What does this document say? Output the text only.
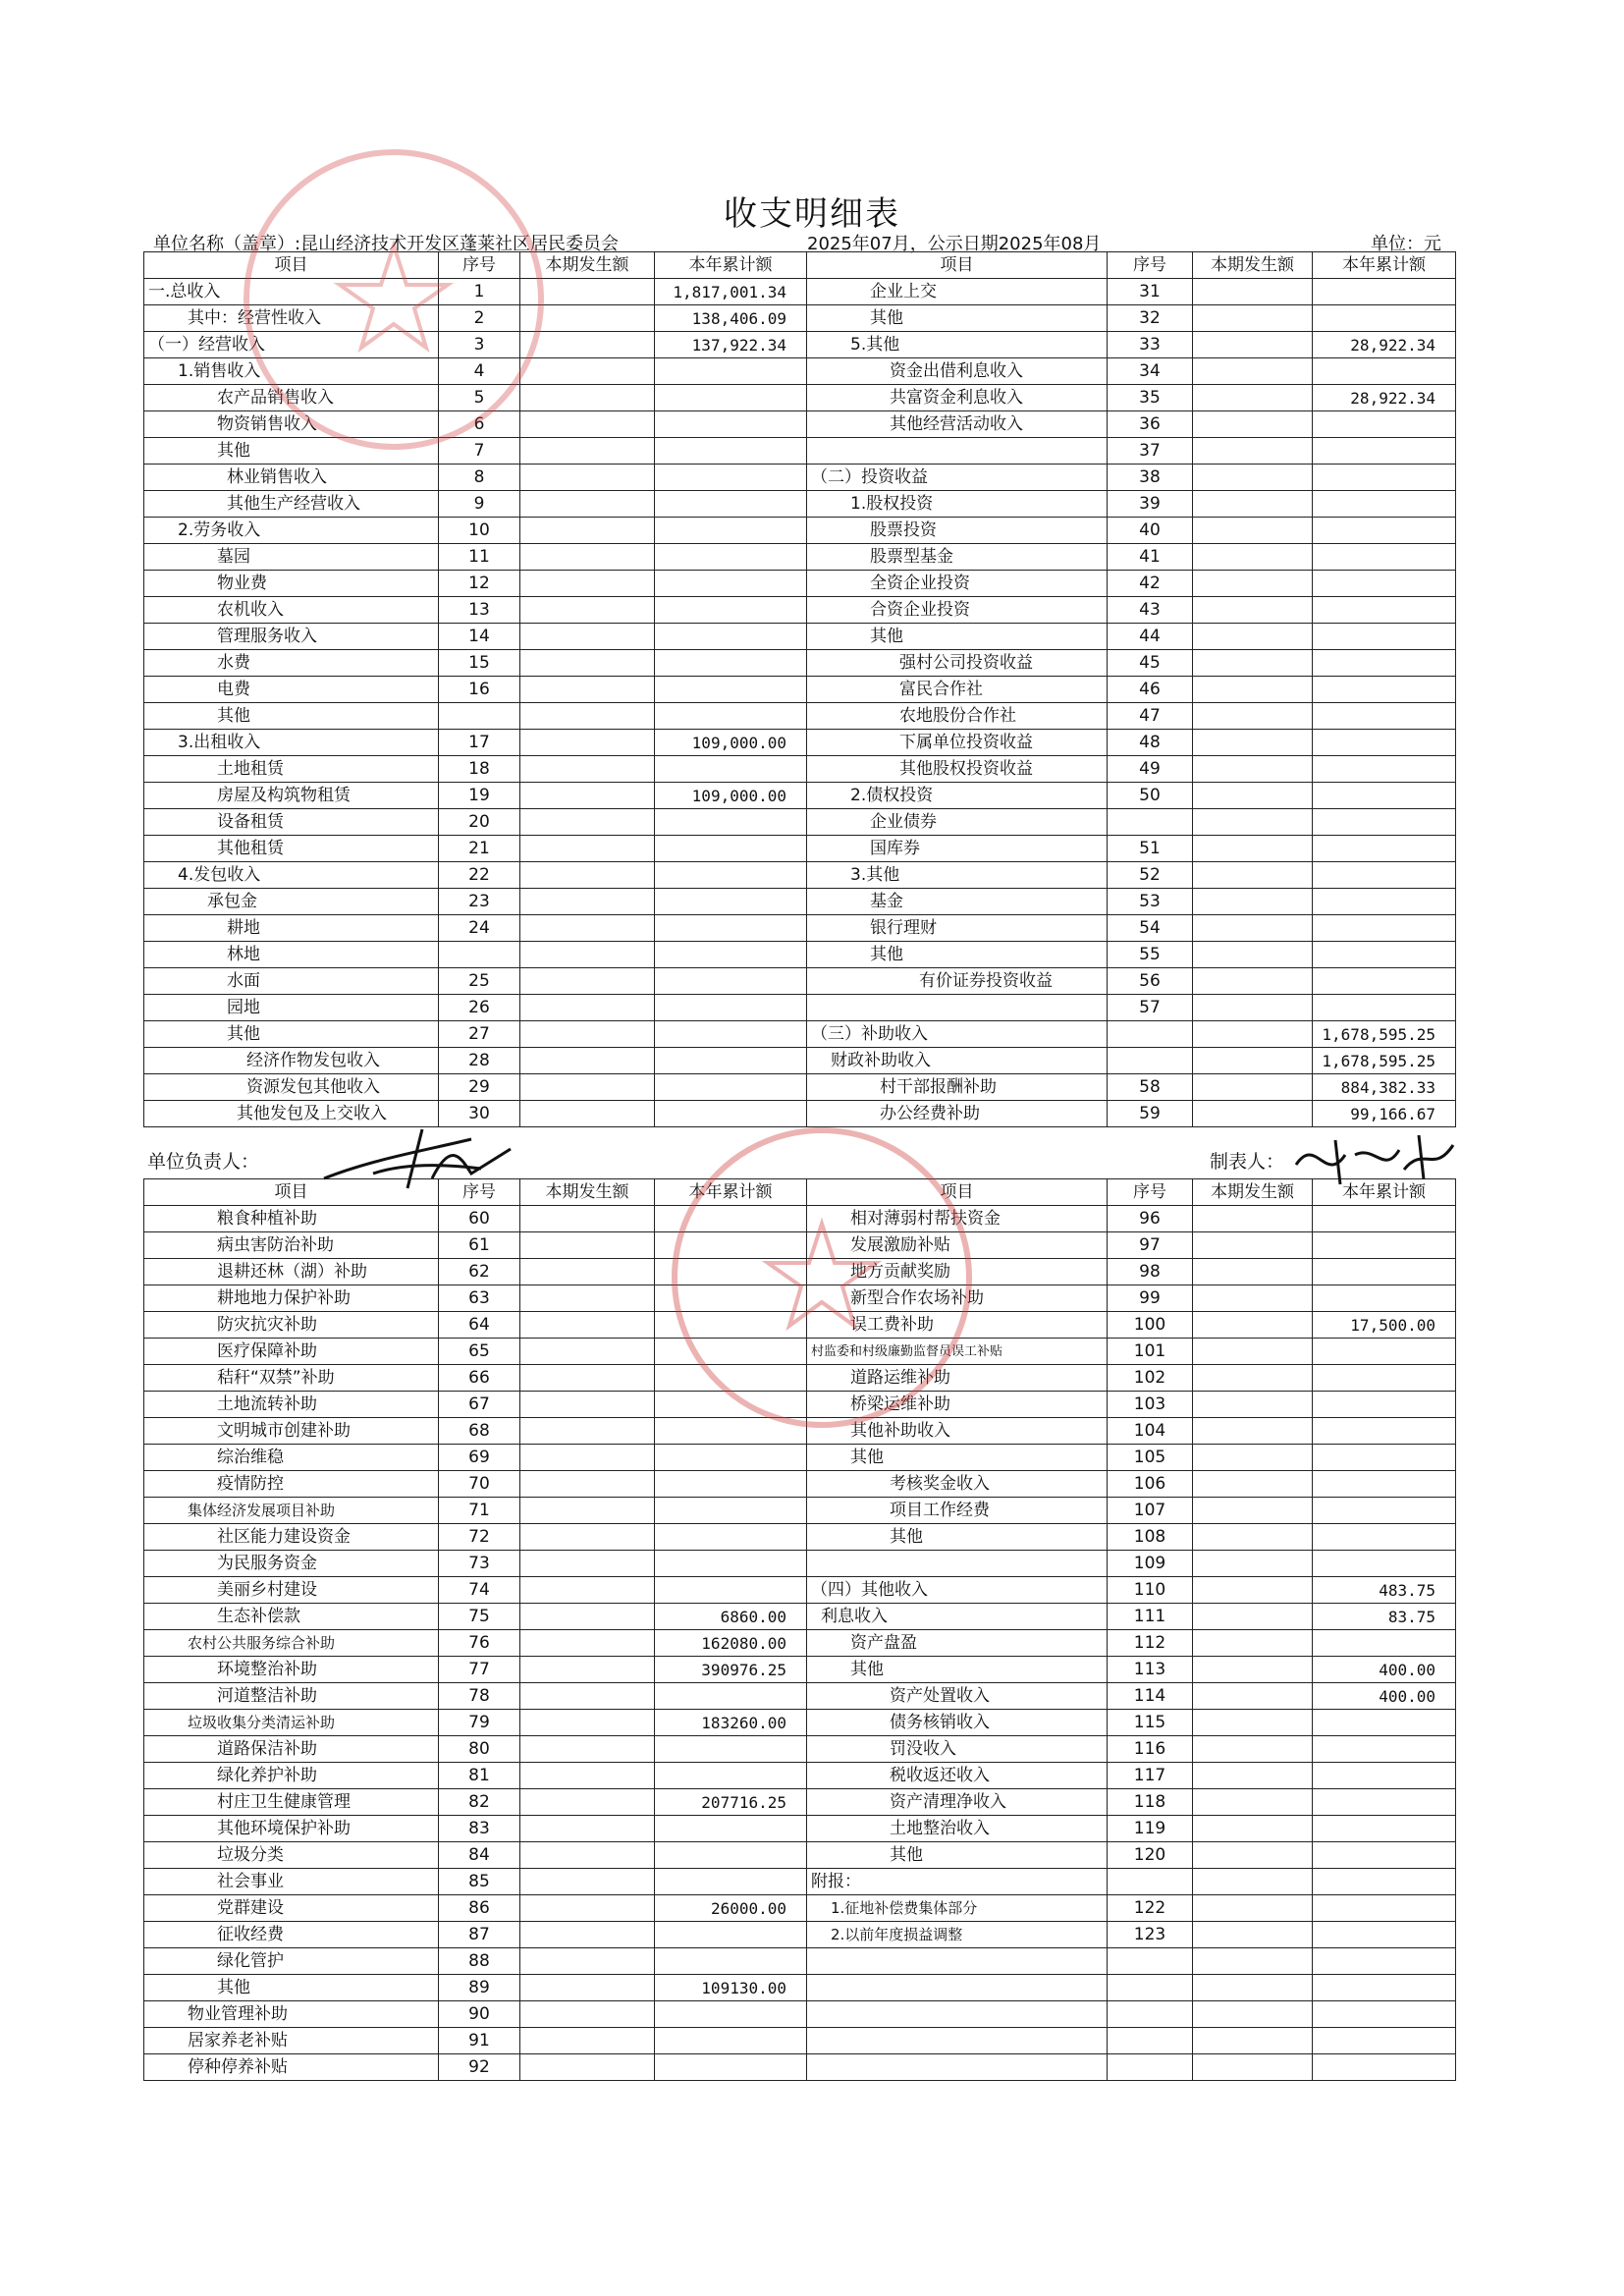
收支明细表
单位名称（盖章）:昆山经济技术开发区蓬莱社区居民委员会	2025年07月，公示日期2025年08月	单位：元
项目	序号	本期发生额	本年累计额	项目	序号	本期发生额	本年累计额
一.总收入	1		1,817,001.34	企业上交	31		
其中：经营性收入	2		138,406.09	其他	32		
（一）经营收入	3		137,922.34	5.其他	33		28,922.34
1.销售收入	4			资金出借利息收入	34		
农产品销售收入	5			共富资金利息收入	35		28,922.34
物资销售收入	6			其他经营活动收入	36		
其他	7				37		
林业销售收入	8			（二）投资收益	38		
其他生产经营收入	9			1.股权投资	39		
2.劳务收入	10			股票投资	40		
墓园	11			股票型基金	41		
物业费	12			全资企业投资	42		
农机收入	13			合资企业投资	43		
管理服务收入	14			其他	44		
水费	15			强村公司投资收益	45		
电费	16			富民合作社	46		
其他				农地股份合作社	47		
3.出租收入	17		109,000.00	下属单位投资收益	48		
土地租赁	18			其他股权投资收益	49		
房屋及构筑物租赁	19		109,000.00	2.债权投资	50		
设备租赁	20			企业债券			
其他租赁	21			国库券	51		
4.发包收入	22			3.其他	52		
承包金	23			基金	53		
耕地	24			银行理财	54		
林地				其他	55		
水面	25			有价证券投资收益	56		
园地	26				57		
其他	27			（三）补助收入			1,678,595.25
经济作物发包收入	28			财政补助收入			1,678,595.25
资源发包其他收入	29			村干部报酬补助	58		884,382.33
其他发包及上交收入	30			办公经费补助	59		99,166.67
单位负责人：	制表人：
项目	序号	本期发生额	本年累计额	项目	序号	本期发生额	本年累计额
粮食种植补助	60			相对薄弱村帮扶资金	96		
病虫害防治补助	61			发展激励补贴	97		
退耕还林（湖）补助	62			地方贡献奖励	98		
耕地地力保护补助	63			新型合作农场补助	99		
防灾抗灾补助	64			误工费补助	100		17,500.00
医疗保障补助	65			村监委和村级廉勤监督员误工补贴	101		
秸秆“双禁”补助	66			道路运维补助	102		
土地流转补助	67			桥梁运维补助	103		
文明城市创建补助	68			其他补助收入	104		
综治维稳	69			其他	105		
疫情防控	70			考核奖金收入	106		
集体经济发展项目补助	71			项目工作经费	107		
社区能力建设资金	72			其他	108		
为民服务资金	73				109		
美丽乡村建设	74			（四）其他收入	110		483.75
生态补偿款	75		6860.00	利息收入	111		83.75
农村公共服务综合补助	76		162080.00	资产盘盈	112		
环境整治补助	77		390976.25	其他	113		400.00
河道整洁补助	78			资产处置收入	114		400.00
垃圾收集分类清运补助	79		183260.00	债务核销收入	115		
道路保洁补助	80			罚没收入	116		
绿化养护补助	81			税收返还收入	117		
村庄卫生健康管理	82		207716.25	资产清理净收入	118		
其他环境保护补助	83			土地整治收入	119		
垃圾分类	84			其他	120		
社会事业	85			附报：			
党群建设	86		26000.00	1.征地补偿费集体部分	122		
征收经费	87			2.以前年度损益调整	123		
绿化管护	88						
其他	89		109130.00				
物业管理补助	90						
居家养老补贴	91						
停种停养补贴	92						
